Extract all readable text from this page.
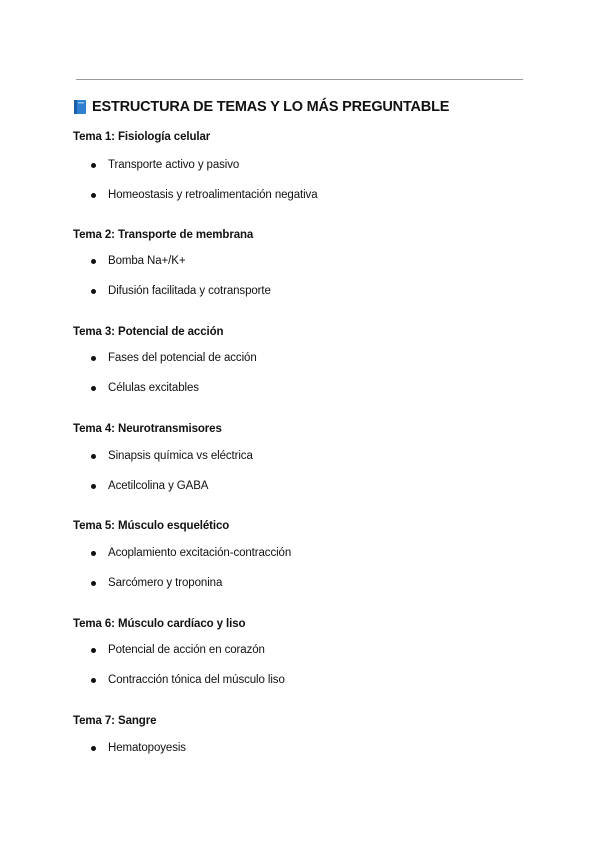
ESTRUCTURA DE TEMAS Y LO MÁS PREGUNTABLE

Tema 1: Fisiología celular

Transporte activo y pasivo
Homeostasis y retroalimentación negativa

Tema 2: Transporte de membrana

Bomba Na+/K+
Difusión facilitada y cotransporte

Tema 3: Potencial de acción

Fases del potencial de acción
Células excitables

Tema 4: Neurotransmisores

Sinapsis química vs eléctrica
Acetilcolina y GABA

Tema 5: Músculo esquelético

Acoplamiento excitación-contracción
Sarcómero y troponina

Tema 6: Músculo cardíaco y liso

Potencial de acción en corazón
Contracción tónica del músculo liso

Tema 7: Sangre

Hematopoyesis
